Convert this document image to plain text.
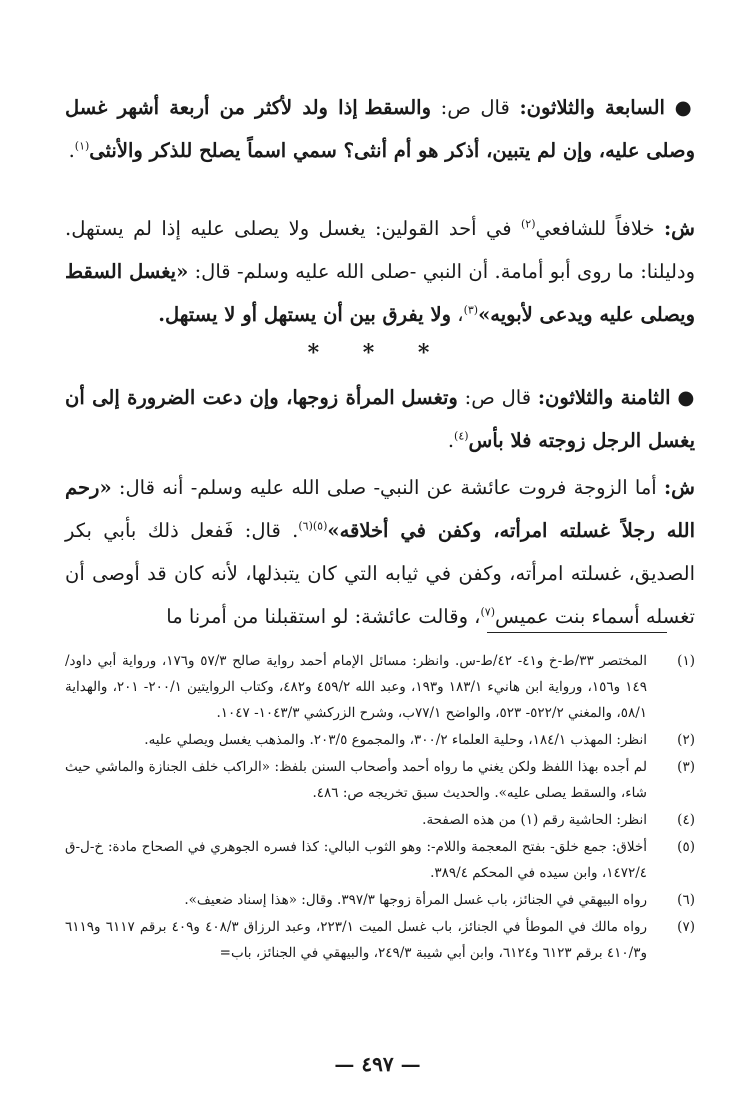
● السابعة والثلاثون: قال ص: والسقط إذا ولد لأكثر من أربعة أشهر غسل وصلى عليه، وإن لم يتبين، أذكر هو أم أنثى؟ سمي اسماً يصلح للذكر والأنثى$^{(١)}$.

ش: خلافاً للشافعي$^{(٢)}$ في أحد القولين: يغسل ولا يصلى عليه إذا لم يستهل. ودليلنا: ما روى أبو أمامة. أن النبي -صلى الله عليه وسلم- قال: «يغسل السقط ويصلى عليه ويدعى لأبويه»$^{(٣)}$، ولا يفرق بين أن يستهل أو لا يستهل.

* * *

● الثامنة والثلاثون: قال ص: وتغسل المرأة زوجها، وإن دعت الضرورة إلى أن يغسل الرجل زوجته فلا بأس$^{(٤)}$.

ش: أما الزوجة فروت عائشة عن النبي- صلى الله عليه وسلم- أنه قال: «رحم الله رجلاً غسلته امرأته، وكفن في أخلاقه»$^{(٥)(٦)}$. قال: فَفعل ذلك بأبي بكر الصديق، غسلته امرأته، وكفن في ثيابه التي كان يتبذلها، لأنه كان قد أوصى أن تغسله أسماء بنت عميس$^{(٧)}$، وقالت عائشة: لو استقبلنا من أمرنا ما

(١)
المختصر ٣٣/ط-خ و٤١- ٤٢/ط-س. وانظر: مسائل الإمام أحمد رواية صالح ٥٧/٣ و١٧٦، ورواية أبي داود/١٤٩ و١٥٦، ورواية ابن هانيء ١٨٣/١ و١٩٣، وعبد الله ٤٥٩/٢ و٤٨٢، وكتاب الروايتين ٢٠٠/١- ٢٠١، والهداية ٥٨/١، والمغني ٥٢٢/٢- ٥٢٣، والواضح ٧٧/١ب، وشرح الزركشي ١٠٤٣/٣- ١٠٤٧.
(٢)
انظر: المهذب ١٨٤/١، وحلية العلماء ٣٠٠/٢، والمجموع ٢٠٣/٥. والمذهب يغسل ويصلي عليه.
(٣)
لم أجده بهذا اللفظ ولكن يغني ما رواه أحمد وأصحاب السنن بلفظ: «الراكب خلف الجنازة والماشي حيث شاء، والسقط يصلى عليه». والحديث سبق تخريجه ص: ٤٨٦.
(٤)
انظر: الحاشية رقم (١) من هذه الصفحة.
(٥)
أخلاق: جمع خلق- بفتح المعجمة واللام-: وهو الثوب البالي: كذا فسره الجوهري في الصحاح مادة: خ-ل-ق ١٤٧٢/٤، وابن سيده في المحكم ٣٨٩/٤.
(٦)
رواه البيهقي في الجنائز، باب غسل المرأة زوجها ٣٩٧/٣. وقال: «هذا إسناد ضعيف».
(٧)
رواه مالك في الموطأ في الجنائز، باب غسل الميت ٢٢٣/١، وعبد الرزاق ٤٠٨/٣ و٤٠٩ برقم ٦١١٧ و٦١١٩ و٤١٠/٣ برقم ٦١٢٣ و٦١٢٤، وابن أبي شيبة ٢٤٩/٣، والبيهقي في الجنائز، باب=
— ٤٩٧ —
